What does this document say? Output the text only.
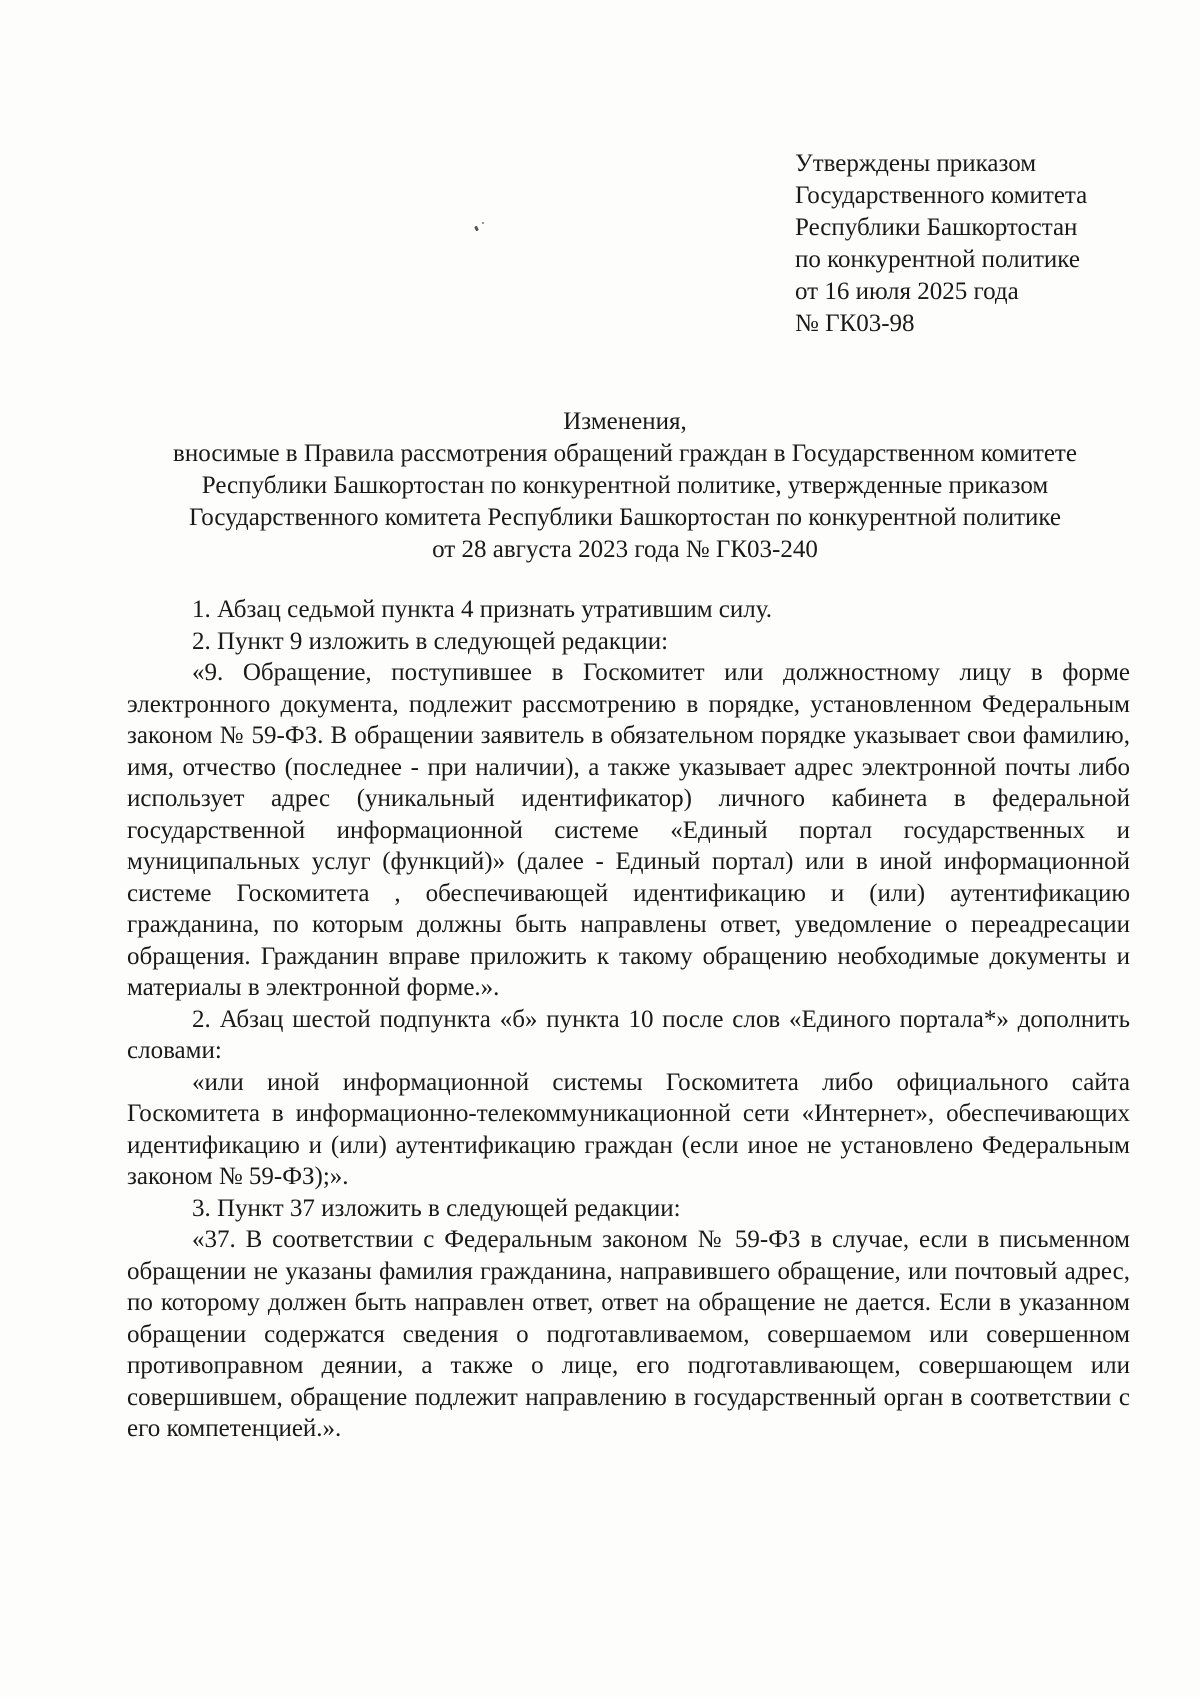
Утверждены приказом
Государственного комитета
Республики Башкортостан
по конкурентной политике
от 16 июля 2025 года
№ ГК03-98
Изменения,
вносимые в Правила рассмотрения обращений граждан в Государственном комитете
Республики Башкортостан по конкурентной политике, утвержденные приказом
Государственного комитета Республики Башкортостан по конкурентной политике
от 28 августа 2023 года № ГК03-240

1. Абзац седьмой пункта 4 признать утратившим силу.

2. Пункт 9 изложить в следующей редакции:

«9. Обращение, поступившее в Госкомитет или должностному лицу в форме электронного документа, подлежит рассмотрению в порядке, установленном Федеральным законом № 59-ФЗ. В обращении заявитель в обязательном порядке указывает свои фамилию, имя, отчество (последнее - при наличии), а также указывает адрес электронной почты либо использует адрес (уникальный идентификатор) личного кабинета в федеральной государственной информационной системе «Единый портал государственных и муниципальных услуг (функций)» (далее - Единый портал) или в иной информационной системе Госкомитета , обеспечивающей идентификацию и (или) аутентификацию гражданина, по которым должны быть направлены ответ, уведомление о переадресации обращения. Гражданин вправе приложить к такому обращению необходимые документы и материалы в электронной форме.».

2. Абзац шестой подпункта «б» пункта 10 после слов «Единого портала*» дополнить словами:

«или иной информационной системы Госкомитета либо официального сайта Госкомитета в информационно-телекоммуникационной сети «Интернет», обеспечивающих идентификацию и (или) аутентификацию граждан (если иное не установлено Федеральным законом № 59-ФЗ);».

3. Пункт 37 изложить в следующей редакции:

«37. В соответствии с Федеральным законом № 59-ФЗ в случае, если в письменном обращении не указаны фамилия гражданина, направившего обращение, или почтовый адрес, по которому должен быть направлен ответ, ответ на обращение не дается. Если в указанном обращении содержатся сведения о подготавливаемом, совершаемом или совершенном противоправном деянии, а также о лице, его подготавливающем, совершающем или совершившем, обращение подлежит направлению в государственный орган в соответствии с его компетенцией.».
